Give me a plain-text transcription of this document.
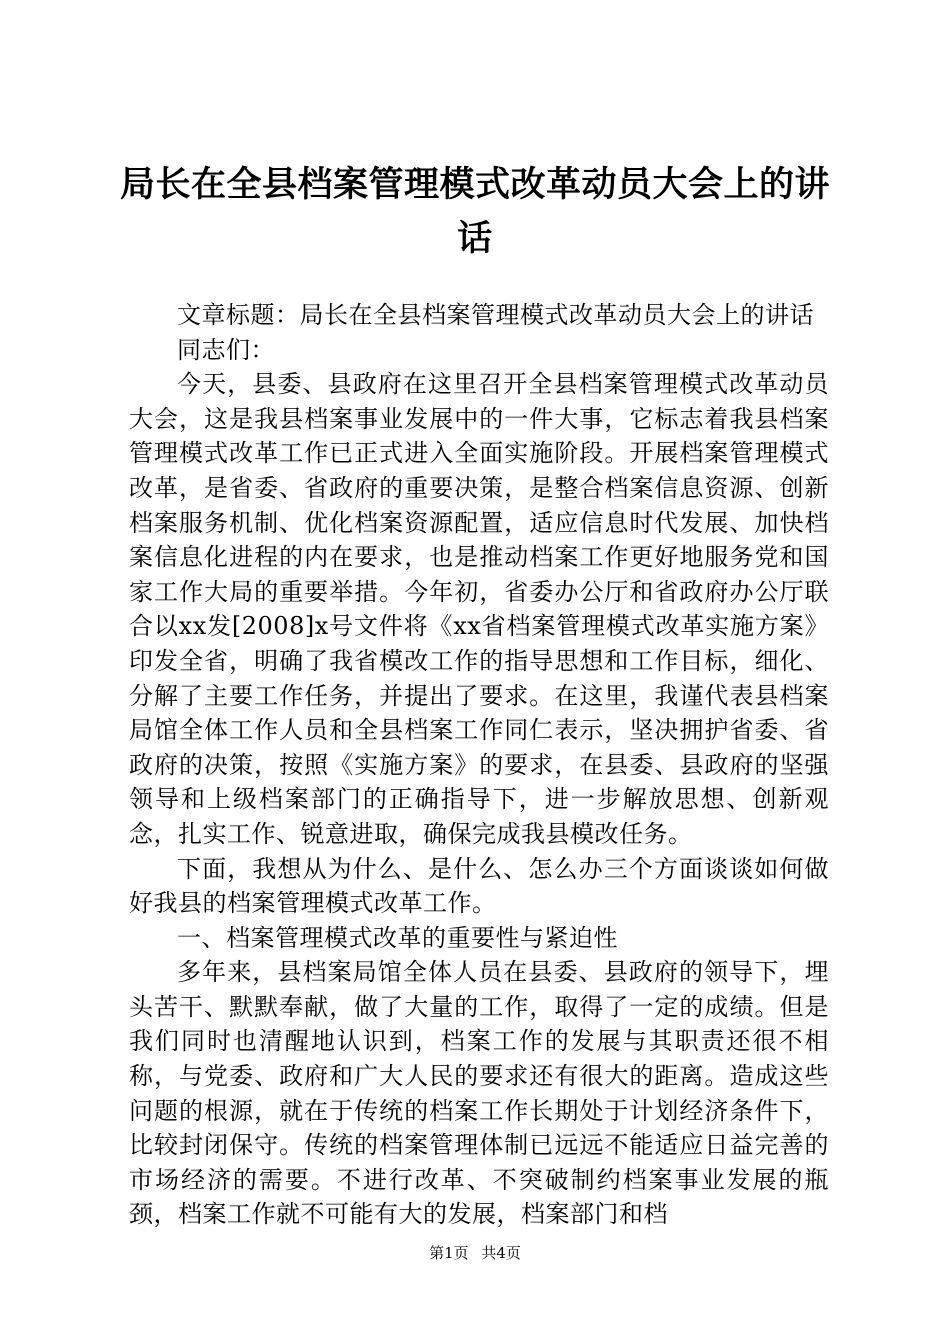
局长在全县档案管理模式改革动员大会上的讲话

文章标题：局长在全县档案管理模式改革动员大会上的讲话

同志们：

今天，县委、县政府在这里召开全县档案管理模式改革动员大会，这是我县档案事业发展中的一件大事，它标志着我县档案管理模式改革工作已正式进入全面实施阶段。开展档案管理模式改革，是省委、省政府的重要决策，是整合档案信息资源、创新档案服务机制、优化档案资源配置，适应信息时代发展、加快档案信息化进程的内在要求，也是推动档案工作更好地服务党和国家工作大局的重要举措。今年初，省委办公厅和省政府办公厅联合以xx发[2008]x号文件将《xx省档案管理模式改革实施方案》印发全省，明确了我省模改工作的指导思想和工作目标，细化、分解了主要工作任务，并提出了要求。在这里，我谨代表县档案局馆全体工作人员和全县档案工作同仁表示，坚决拥护省委、省政府的决策，按照《实施方案》的要求，在县委、县政府的坚强领导和上级档案部门的正确指导下，进一步解放思想、创新观念，扎实工作、锐意进取，确保完成我县模改任务。

下面，我想从为什么、是什么、怎么办三个方面谈谈如何做好我县的档案管理模式改革工作。

一、档案管理模式改革的重要性与紧迫性

多年来，县档案局馆全体人员在县委、县政府的领导下，埋头苦干、默默奉献，做了大量的工作，取得了一定的成绩。但是我们同时也清醒地认识到，档案工作的发展与其职责还很不相称，与党委、政府和广大人民的要求还有很大的距离。造成这些问题的根源，就在于传统的档案工作长期处于计划经济条件下，比较封闭保守。传统的档案管理体制已远远不能适应日益完善的市场经济的需要。不进行改革、不突破制约档案事业发展的瓶颈，档案工作就不可能有大的发展，档案部门和档

第1页 共4页
